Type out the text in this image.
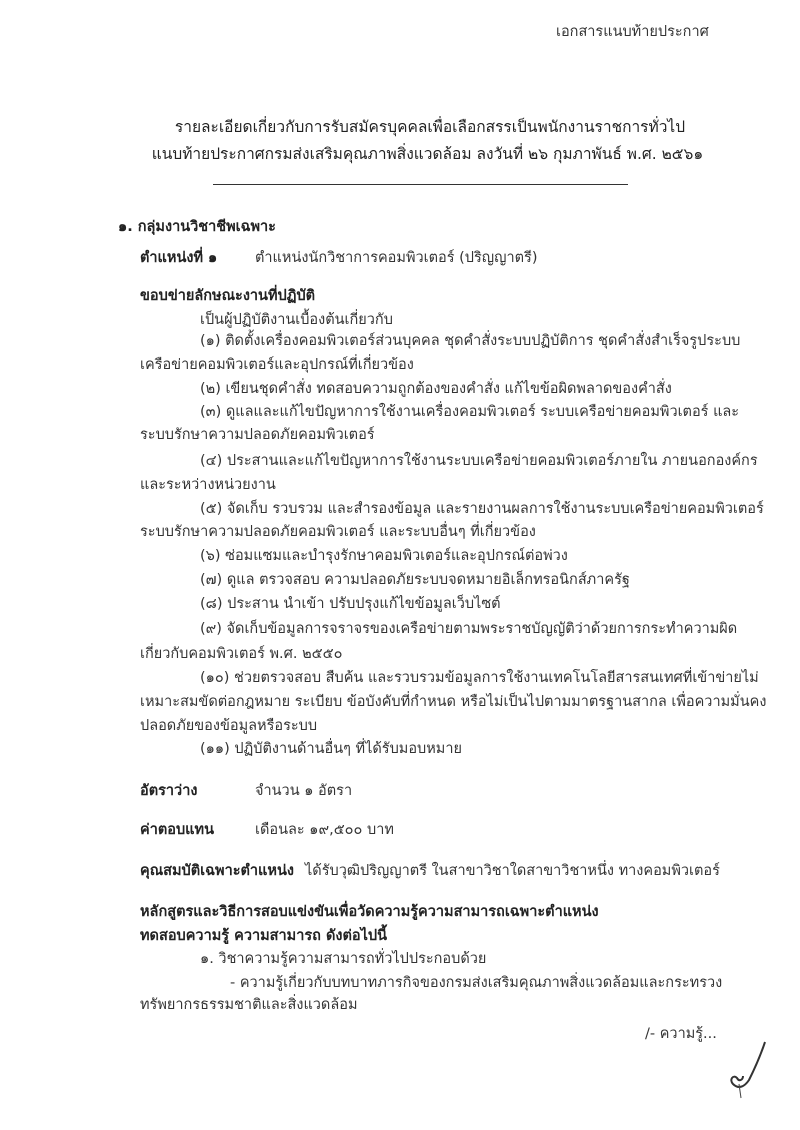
เอกสารแนบท้ายประกาศ
รายละเอียดเกี่ยวกับการรับสมัครบุคคลเพื่อเลือกสรรเป็นพนักงานราชการทั่วไป
แนบท้ายประกาศกรมส่งเสริมคุณภาพสิ่งแวดล้อม ลงวันที่ ๒๖ กุมภาพันธ์ พ.ศ. ๒๕๖๑
๑. กลุ่มงานวิชาชีพเฉพาะ
ตำแหน่งที่ ๑	ตำแหน่งนักวิชาการคอมพิวเตอร์ (ปริญญาตรี)
ขอบข่ายลักษณะงานที่ปฏิบัติ
เป็นผู้ปฏิบัติงานเบื้องต้นเกี่ยวกับ
(๑) ติดตั้งเครื่องคอมพิวเตอร์ส่วนบุคคล ชุดคำสั่งระบบปฏิบัติการ ชุดคำสั่งสำเร็จรูประบบ
เครือข่ายคอมพิวเตอร์และอุปกรณ์ที่เกี่ยวข้อง
(๒) เขียนชุดคำสั่ง ทดสอบความถูกต้องของคำสั่ง แก้ไขข้อผิดพลาดของคำสั่ง
(๓) ดูแลและแก้ไขปัญหาการใช้งานเครื่องคอมพิวเตอร์ ระบบเครือข่ายคอมพิวเตอร์ และ
ระบบรักษาความปลอดภัยคอมพิวเตอร์
(๔) ประสานและแก้ไขปัญหาการใช้งานระบบเครือข่ายคอมพิวเตอร์ภายใน ภายนอกองค์กร
และระหว่างหน่วยงาน
(๕) จัดเก็บ รวบรวม และสำรองข้อมูล และรายงานผลการใช้งานระบบเครือข่ายคอมพิวเตอร์
ระบบรักษาความปลอดภัยคอมพิวเตอร์ และระบบอื่นๆ ที่เกี่ยวข้อง
(๖) ซ่อมแซมและบำรุงรักษาคอมพิวเตอร์และอุปกรณ์ต่อพ่วง
(๗) ดูแล ตรวจสอบ ความปลอดภัยระบบจดหมายอิเล็กทรอนิกส์ภาครัฐ
(๘) ประสาน นำเข้า ปรับปรุงแก้ไขข้อมูลเว็บไซต์
(๙) จัดเก็บข้อมูลการจราจรของเครือข่ายตามพระราชบัญญัติว่าด้วยการกระทำความผิด
เกี่ยวกับคอมพิวเตอร์ พ.ศ. ๒๕๕๐
(๑๐) ช่วยตรวจสอบ สืบค้น และรวบรวมข้อมูลการใช้งานเทคโนโลยีสารสนเทศที่เข้าข่ายไม่
เหมาะสมขัดต่อกฎหมาย ระเบียบ ข้อบังคับที่กำหนด หรือไม่เป็นไปตามมาตรฐานสากล เพื่อความมั่นคง
ปลอดภัยของข้อมูลหรือระบบ
(๑๑) ปฏิบัติงานด้านอื่นๆ ที่ได้รับมอบหมาย
อัตราว่าง	จำนวน ๑ อัตรา
ค่าตอบแทน	เดือนละ ๑๙,๕๐๐ บาท
คุณสมบัติเฉพาะตำแหน่ง ได้รับวุฒิปริญญาตรี ในสาขาวิชาใดสาขาวิชาหนึ่ง ทางคอมพิวเตอร์
หลักสูตรและวิธีการสอบแข่งขันเพื่อวัดความรู้ความสามารถเฉพาะตำแหน่ง
ทดสอบความรู้ ความสามารถ ดังต่อไปนี้
๑. วิชาความรู้ความสามารถทั่วไปประกอบด้วย
- ความรู้เกี่ยวกับบทบาทภารกิจของกรมส่งเสริมคุณภาพสิ่งแวดล้อมและกระทรวง
ทรัพยากรธรรมชาติและสิ่งแวดล้อม
/- ความรู้...
